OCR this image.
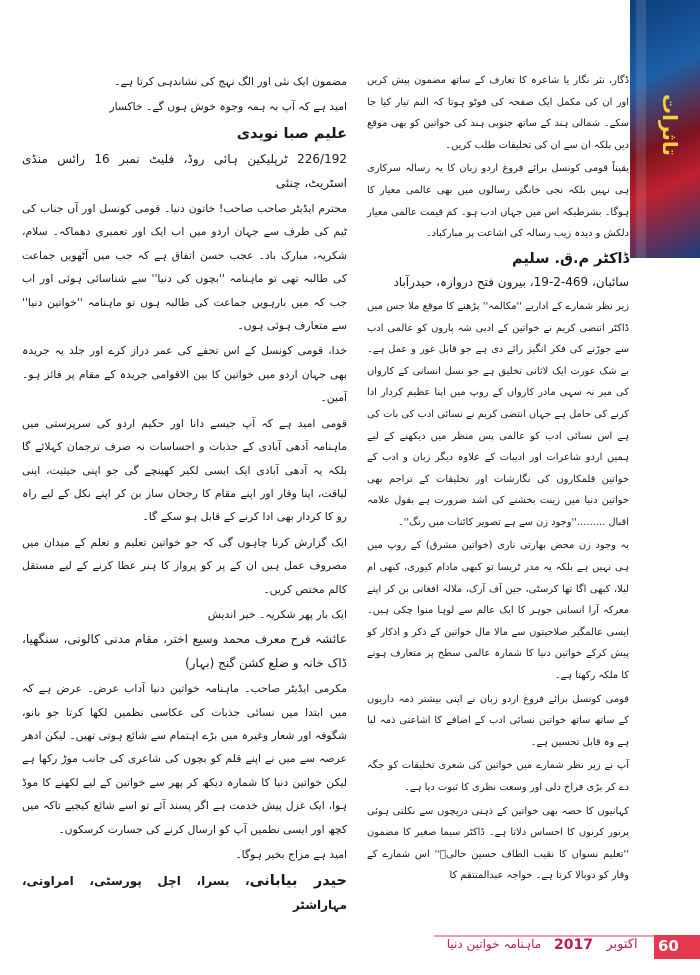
تاثرات

ڈگار، نثر نگار یا شاعرہ کا تعارف کے ساتھ مضمون پیش کریں اور ان کی مکمل ایک صفحہ کی فوٹو ہوتا کہ البم تیار کیا جا سکے۔ شمالی ہند کے ساتھ جنوبی ہند کی خواتین کو بھی موقع دیں بلکہ ان سے ان کی تخلیقات طلب کریں۔

یقیناً قومی کونسل برائے فروغ اردو زبان کا یہ رسالہ سرکاری ہی نہیں بلکہ نجی خانگی رسالوں میں بھی عالمی معیار کا ہوگا۔ بشرطیکہ اس میں جہاں ادب ہو۔ کم قیمت عالمی معیار دلکش و دیدہ زیب رسالہ کی اشاعت پر مبارکباد۔

ڈاکٹر م.ق. سلیم

سائبان، 469-2-19، بیرون فتح دروازہ، حیدرآباد

زیر نظر شمارے کے اداریے ''مکالمہ'' پڑھنے کا موقع ملا جس میں ڈاکٹر انتضی کریم نے خواتین کے ادبی شہ پاروں کو عالمی ادب سے جوڑنے کی فکر انگیز رائے دی ہے جو قابل غور و عمل ہے۔ بے شک عورت ایک لاثانی تخلیق ہے جو نسل انسانی کے کارواں کی میر نہ سہی مادر کارواں کے روپ میں اپنا عظیم کردار ادا کرنے کی حامل ہے جہاں انتضی کریم نے نسائی ادب کی بات کی ہے اس نسائی ادب کو عالمی پس منظر میں دیکھنے کے لیے ہمیں اردو شاعرات اور ادیبات کے علاوہ دیگر زبان و ادب کے خواتین قلمکاروں کی نگارشات اور تخلیقات کے تراجم بھی خواتین دنیا میں زینت بخشنے کی اشد ضرورت ہے بقول علامہ اقبال .........''وجود زن سے ہے تصویر کائنات میں رنگ''۔

یہ وجود زن محض بھارتی ناری (خواتین مشرق) کے روپ میں ہی نہیں ہے بلکہ یہ مدر ٹریسا تو کبھی مادام کیوری، کبھی ام لیلا، کبھی اگا تھا کرسٹی، جین آف آرک، ملالہ افغانی بن کر اپنے معرکہ آرا انسانی جوہر کا ایک عالم سے لوہا منوا چکی ہیں۔ ایسی عالمگیر صلاحیتوں سے مالا مال خواتین کے ذکر و اذکار کو پیش کرکے خواتین دنیا کا شمارہ عالمی سطح پر متعارف ہونے کا ملکہ رکھتا ہے۔

قومی کونسل برائے فروغ اردو زبان نے اپنی بیشتر ذمہ داریوں کے ساتھ ساتھ خواتین نسائی ادب کے اضافے کا اشاعتی ذمہ لیا ہے وہ قابل تحسین ہے۔

آپ نے زیر نظر شمارے میں خواتین کی شعری تخلیقات کو جگہ دے کر بڑی فراخ دلی اور وسعت نظری کا ثبوت دیا ہے۔

کہانیوں کا حصہ بھی خواتین کے ذہنی دریچوں سے نکلتی ہوئی پرنور کرنوں کا احساس دلاتا ہے۔ ڈاکٹر سیما صغیر کا مضمون ''تعلیم نسواں کا نقیب الطاف حسین حالیؔ'' اس شمارے کے وقار کو دوبالا کرتا ہے۔ خواجہ عبدالمنتقم کا

مضمون ایک نئی اور الگ نہج کی نشاندہی کرتا ہے۔

امید ہے کہ آپ بہ ہمہ وجوہ خوش ہوں گے۔ خاکسار

علیم صبا نویدی

226/192 ٹرپلیکین ہائی روڈ، فلیٹ نمبر 16 رائس منڈی اسٹریٹ، چنئی

محترم ایڈیٹر صاحب صاحب! خاتون دنیا۔ قومی کونسل اور آں جناب کی ٹیم کی طرف سے جہان اردو میں اب ایک اور تعمیری دھماکہ۔ سلام، شکریہ، مبارک باد۔ عجب حسن اتفاق ہے کہ جب میں آٹھویں جماعت کی طالبہ تھی تو ماہنامہ ''بچوں کی دنیا'' سے شناسائی ہوئی اور اب جب کہ میں بارہویں جماعت کی طالبہ ہوں تو ماہنامہ ''خواتین دنیا'' سے متعارف ہوئی ہوں۔

خدا، قومی کونسل کے اس تحفے کی عمر دراز کرے اور جلد یہ جریدہ بھی جہان اردو میں خواتین کا بین الاقوامی جریدہ کے مقام پر فائز ہو۔ آمین۔

قومی امید ہے کہ آپ جیسے دانا اور حکیم اردو کی سرپرستی میں ماہنامہ آدھی آبادی کے جذبات و احساسات نہ صرف ترجمان کہلائے گا بلکہ یہ آدھی آبادی ایک ایسی لکیر کھینچے گی جو اپنی حیثیت، اپنی لیاقت، اپنا وقار اور اپنے مقام کا رجحان ساز بن کر اپنے نکل کے لیے راہ رو کا کردار بھی ادا کرنے کے قابل ہو سکے گا۔

ایک گزارش کرنا چاہوں گی کہ جو خواتین تعلیم و تعلم کے میدان میں مصروف عمل ہیں ان کے پر کو پرواز کا ہنر عطا کرنے کے لیے مستقل کالم مختص کریں۔

ایک بار پھر شکریہ۔ خیر اندیش

عائشہ فرح معرف محمد وسیع اختر، مقام مدنی کالونی، سنگھیا، ڈاک خانہ و ضلع کشن گنج (بہار)

مکرمی ایڈیٹر صاحب۔ ماہنامہ خواتین دنیا آداب عرض۔ عرض ہے کہ میں ابتدا میں نسائی جذبات کی عکاسی نظمیں لکھا کرتا جو بانو، شگوفہ اور شعار وغیرہ میں بڑے اہتمام سے شائع ہوتی تھیں۔ لیکن ادھر عرصہ سے میں نے اپنے قلم کو بچوں کی شاعری کی جانب موڑ رکھا ہے لیکن خواتین دنیا کا شمارہ دیکھ کر پھر سے خواتین کے لیے لکھنے کا موڈ ہوا، ایک غزل پیش خدمت ہے اگر پسند آئے تو اسے شائع کیجیے تاکہ میں کچھ اور ایسی نظمیں آپ کو ارسال کرنے کی جسارت کرسکوں۔

امید ہے مزاج بخیر ہوگا۔

حیدر بیابانی، بسرا، اچل پورسٹی، امراوتی، مہاراشٹر

ماہنامہ خواتین دنیا 2017	اکتوبر	60
